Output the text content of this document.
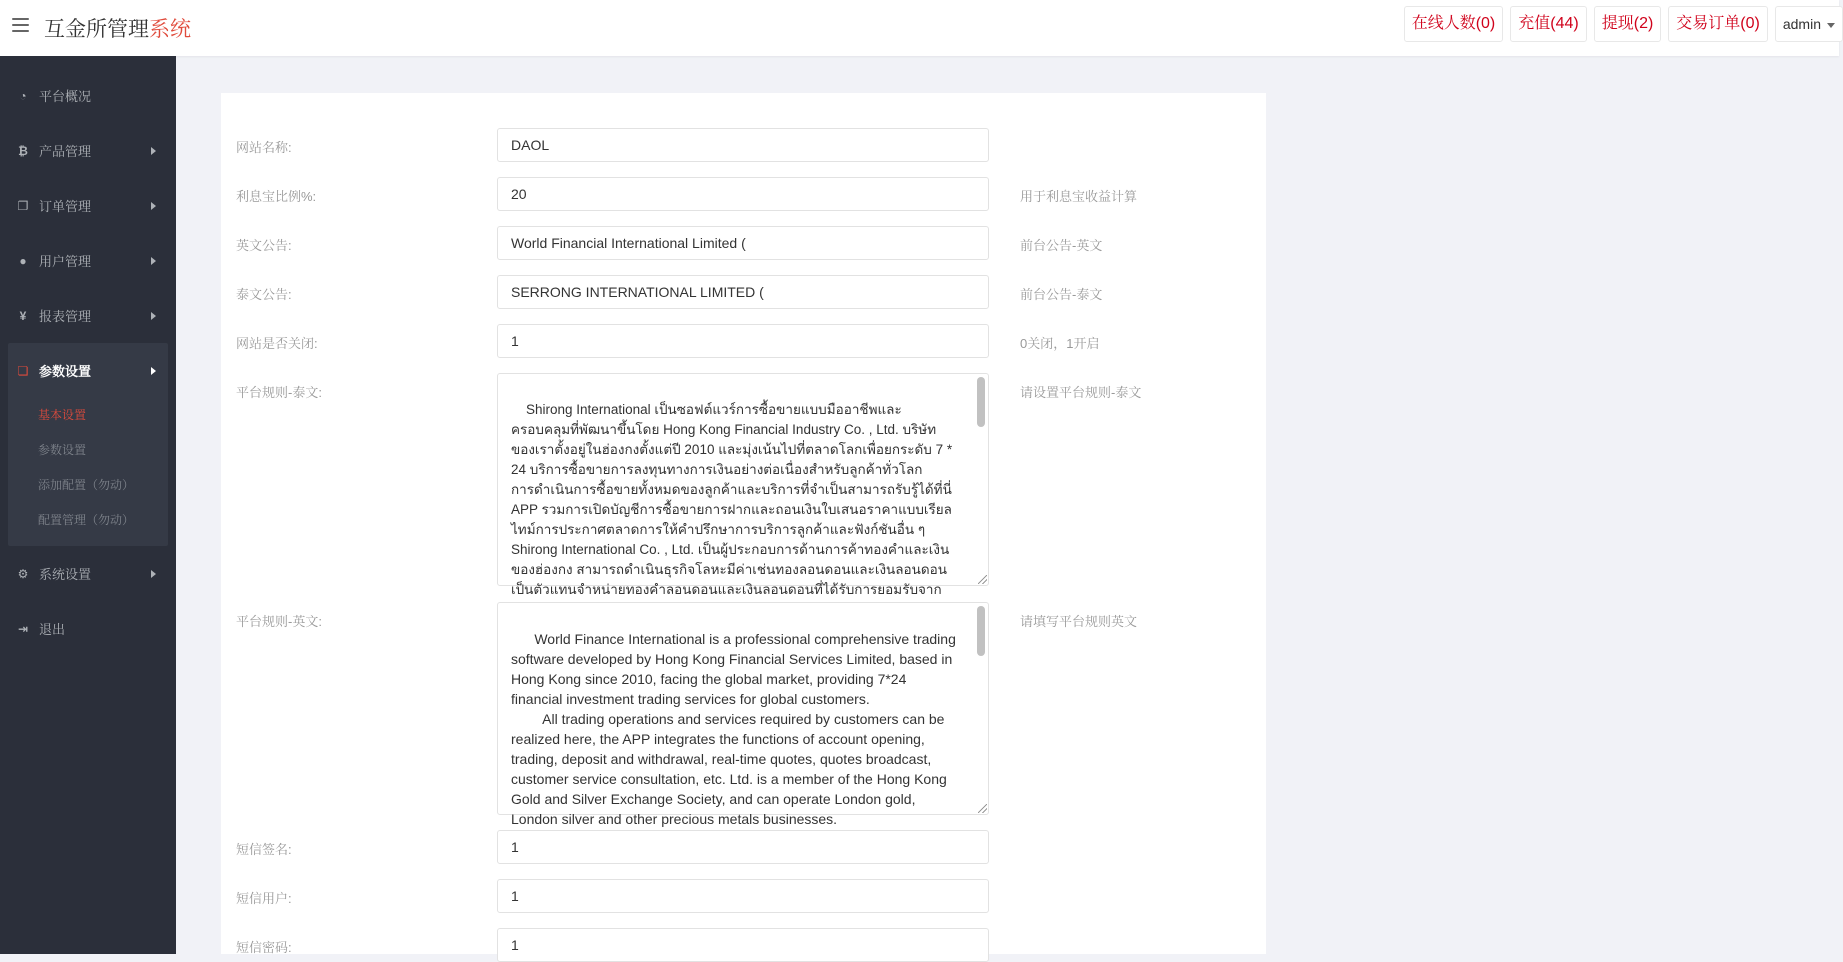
互金所管理系统	在线人数(0)	充值(44)	提现(2)	交易订单(0)	admin
◔ 平台概况
₿ 产品管理
❐ 订单管理
● 用户管理
¥ 报表管理
❏ 参数设置
基本设置
参数设置
添加配置（勿动）
配置管理（勿动）
⚙ 系统设置
⇥ 退出
网站名称:	DAOL
利息宝比例%:	20	用于利息宝收益计算
英文公告:	World Financial International Limited (	前台公告-英文
泰文公告:	SERRONG INTERNATIONAL LIMITED (	前台公告-泰文
网站是否关闭:	1	0关闭，1开启
平台规则-泰文:

Shirong International เป็นซอฟต์แวร์การซื้อขายแบบมืออาชีพและครอบคลุมที่พัฒนาขึ้นโดย Hong Kong Financial Industry Co. , Ltd. บริษัท ของเราตั้งอยู่ในฮ่องกงตั้งแต่ปี 2010 และมุ่งเน้นไปที่ตลาดโลกเพื่อยกระดับ 7 * 24 บริการซื้อขายการลงทุนทางการเงินอย่างต่อเนื่องสำหรับลูกค้าทั่วโลก
การดำเนินการซื้อขายทั้งหมดของลูกค้าและบริการที่จำเป็นสามารถรับรู้ได้ที่นี่ APP รวมการเปิดบัญชีการซื้อขายการฝากและถอนเงินใบเสนอราคาแบบเรียลไทม์การประกาศตลาดการให้คำปรึกษาการบริการลูกค้าและฟังก์ชันอื่น ๆ
Shirong International Co. , Ltd. เป็นผู้ประกอบการด้านการค้าทองคำและเงินของฮ่องกง สามารถดำเนินธุรกิจโลหะมีค่าเช่นทองลอนดอนและเงินลอนดอนเป็นตัวแทนจำหน่ายทองคำลอนดอนและเงินลอนดอนที่ได้รับการยอมรับจาก

请设置平台规则-泰文
平台规则-英文:

World Finance International is a professional comprehensive trading software developed by Hong Kong Financial Services Limited, based in Hong Kong since 2010, facing the global market, providing 7*24 financial investment trading services for global customers.
All trading operations and services required by customers can be realized here, the APP integrates the functions of account opening, trading, deposit and withdrawal, real-time quotes, quotes broadcast, customer service consultation, etc. Ltd. is a member of the Hong Kong Gold and Silver Exchange Society, and can operate London gold, London silver and other precious metals businesses.

请填写平台规则英文
短信签名:	1
短信用户:	1
短信密码:	1
